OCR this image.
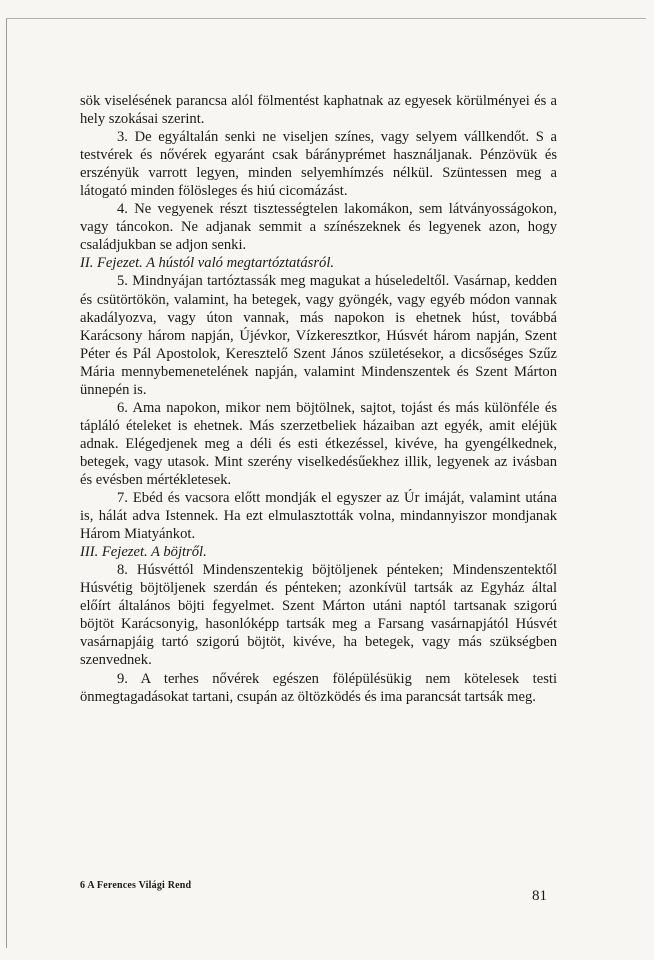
sök viselésének parancsa alól fölmentést kaphatnak az egyesek körülményei és a hely szokásai szerint.

3. De egyáltalán senki ne viseljen színes, vagy selyem vállkendőt. S a testvérek és nővérek egyaránt csak bárányprémet használjanak. Pénzövük és erszényük varrott legyen, minden selyemhímzés nélkül. Szüntessen meg a látogató minden fölösleges és hiú cicomázást.

4. Ne vegyenek részt tisztességtelen lakomákon, sem látványosságokon, vagy táncokon. Ne adjanak semmit a színészeknek és legyenek azon, hogy családjukban se adjon senki.

II. Fejezet. A hústól való megtartóztatásról.

5. Mindnyájan tartóztassák meg magukat a húseledeltől. Vasárnap, kedden és csütörtökön, valamint, ha betegek, vagy gyöngék, vagy egyéb módon vannak akadályozva, vagy úton vannak, más napokon is ehetnek húst, továbbá Karácsony három napján, Újévkor, Vízkeresztkor, Húsvét három napján, Szent Péter és Pál Apostolok, Keresztelő Szent János születésekor, a dicsőséges Szűz Mária mennybemenetelének napján, valamint Mindenszentek és Szent Márton ünnepén is.

6. Ama napokon, mikor nem böjtölnek, sajtot, tojást és más különféle és tápláló ételeket is ehetnek. Más szerzetbeliek házaiban azt egyék, amit eléjük adnak. Elégedjenek meg a déli és esti étkezéssel, kivéve, ha gyengélkednek, betegek, vagy utasok. Mint szerény viselkedésűekhez illik, legyenek az ivásban és evésben mértékletesek.

7. Ebéd és vacsora előtt mondják el egyszer az Úr imáját, valamint utána is, hálát adva Istennek. Ha ezt elmulasztották volna, mindannyiszor mondjanak Három Miatyánkot.

III. Fejezet. A böjtről.

8. Húsvéttól Mindenszentekig böjtöljenek pénteken; Mindenszentektől Húsvétig böjtöljenek szerdán és pénteken; azonkívül tartsák az Egyház által előírt általános böjti fegyelmet. Szent Márton utáni naptól tartsanak szigorú böjtöt Karácsonyig, hasonlóképp tartsák meg a Farsang vasárnapjától Húsvét vasárnapjáig tartó szigorú böjtöt, kivéve, ha betegek, vagy más szükségben szenvednek.

9. A terhes nővérek egészen fölépülésükig nem kötelesek testi önmegtagadásokat tartani, csupán az öltözködés és ima parancsát tartsák meg.

6 A Ferences Világi Rend
81
